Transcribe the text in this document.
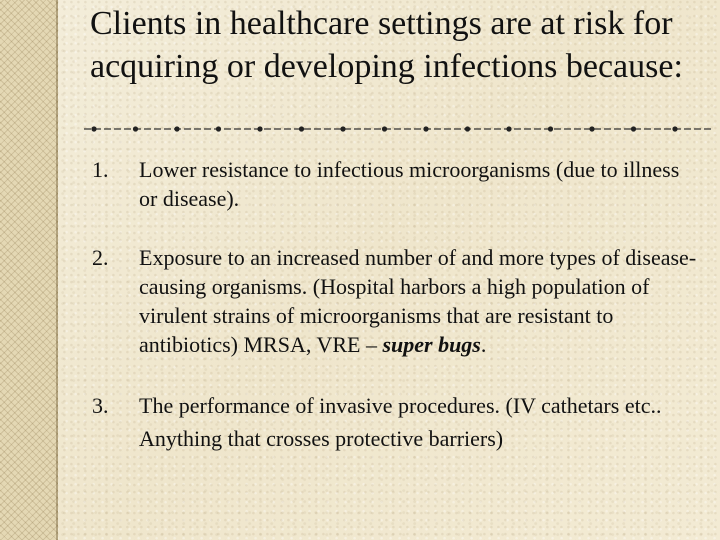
Clients in healthcare settings are at risk for acquiring or developing infections because:
1.	Lower resistance to infectious microorganisms (due to illness or disease).
2.	Exposure to an increased number of and more types of disease-causing organisms. (Hospital harbors a high population of virulent strains of microorganisms that are resistant to antibiotics) MRSA, VRE – super bugs.
3.	The performance of invasive procedures. (IV cathetars etc.. Anything that crosses protective barriers)
